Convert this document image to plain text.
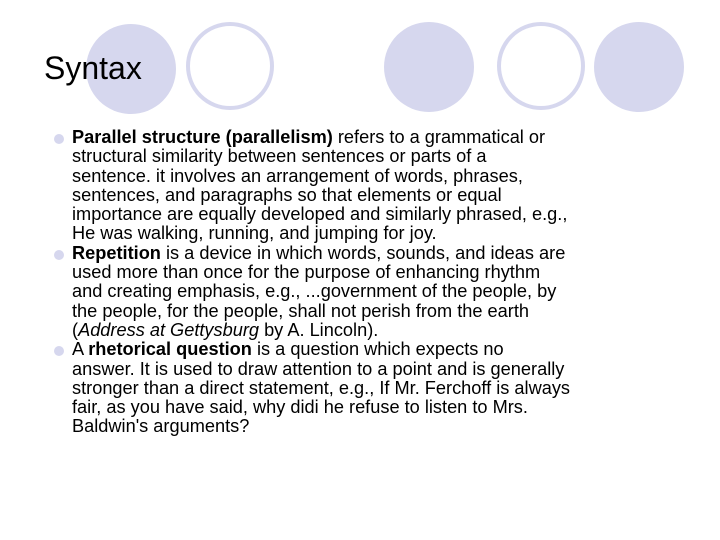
Syntax
Parallel structure (parallelism) refers to a grammatical or
structural similarity between sentences or parts of a
sentence. it involves an arrangement of words, phrases,
sentences, and paragraphs so that elements or equal
importance are equally developed and similarly phrased, e.g.,
He was walking, running, and jumping for joy.
Repetition is a device in which words, sounds, and ideas are
used more than once for the purpose of enhancing rhythm
and creating emphasis, e.g., ...government of the people, by
the people, for the people, shall not perish from the earth
(Address at Gettysburg by A. Lincoln).
A rhetorical question is a question which expects no
answer. It is used to draw attention to a point and is generally
stronger than a direct statement, e.g., If Mr. Ferchoff is always
fair, as you have said, why didi he refuse to listen to Mrs.
Baldwin's arguments?
